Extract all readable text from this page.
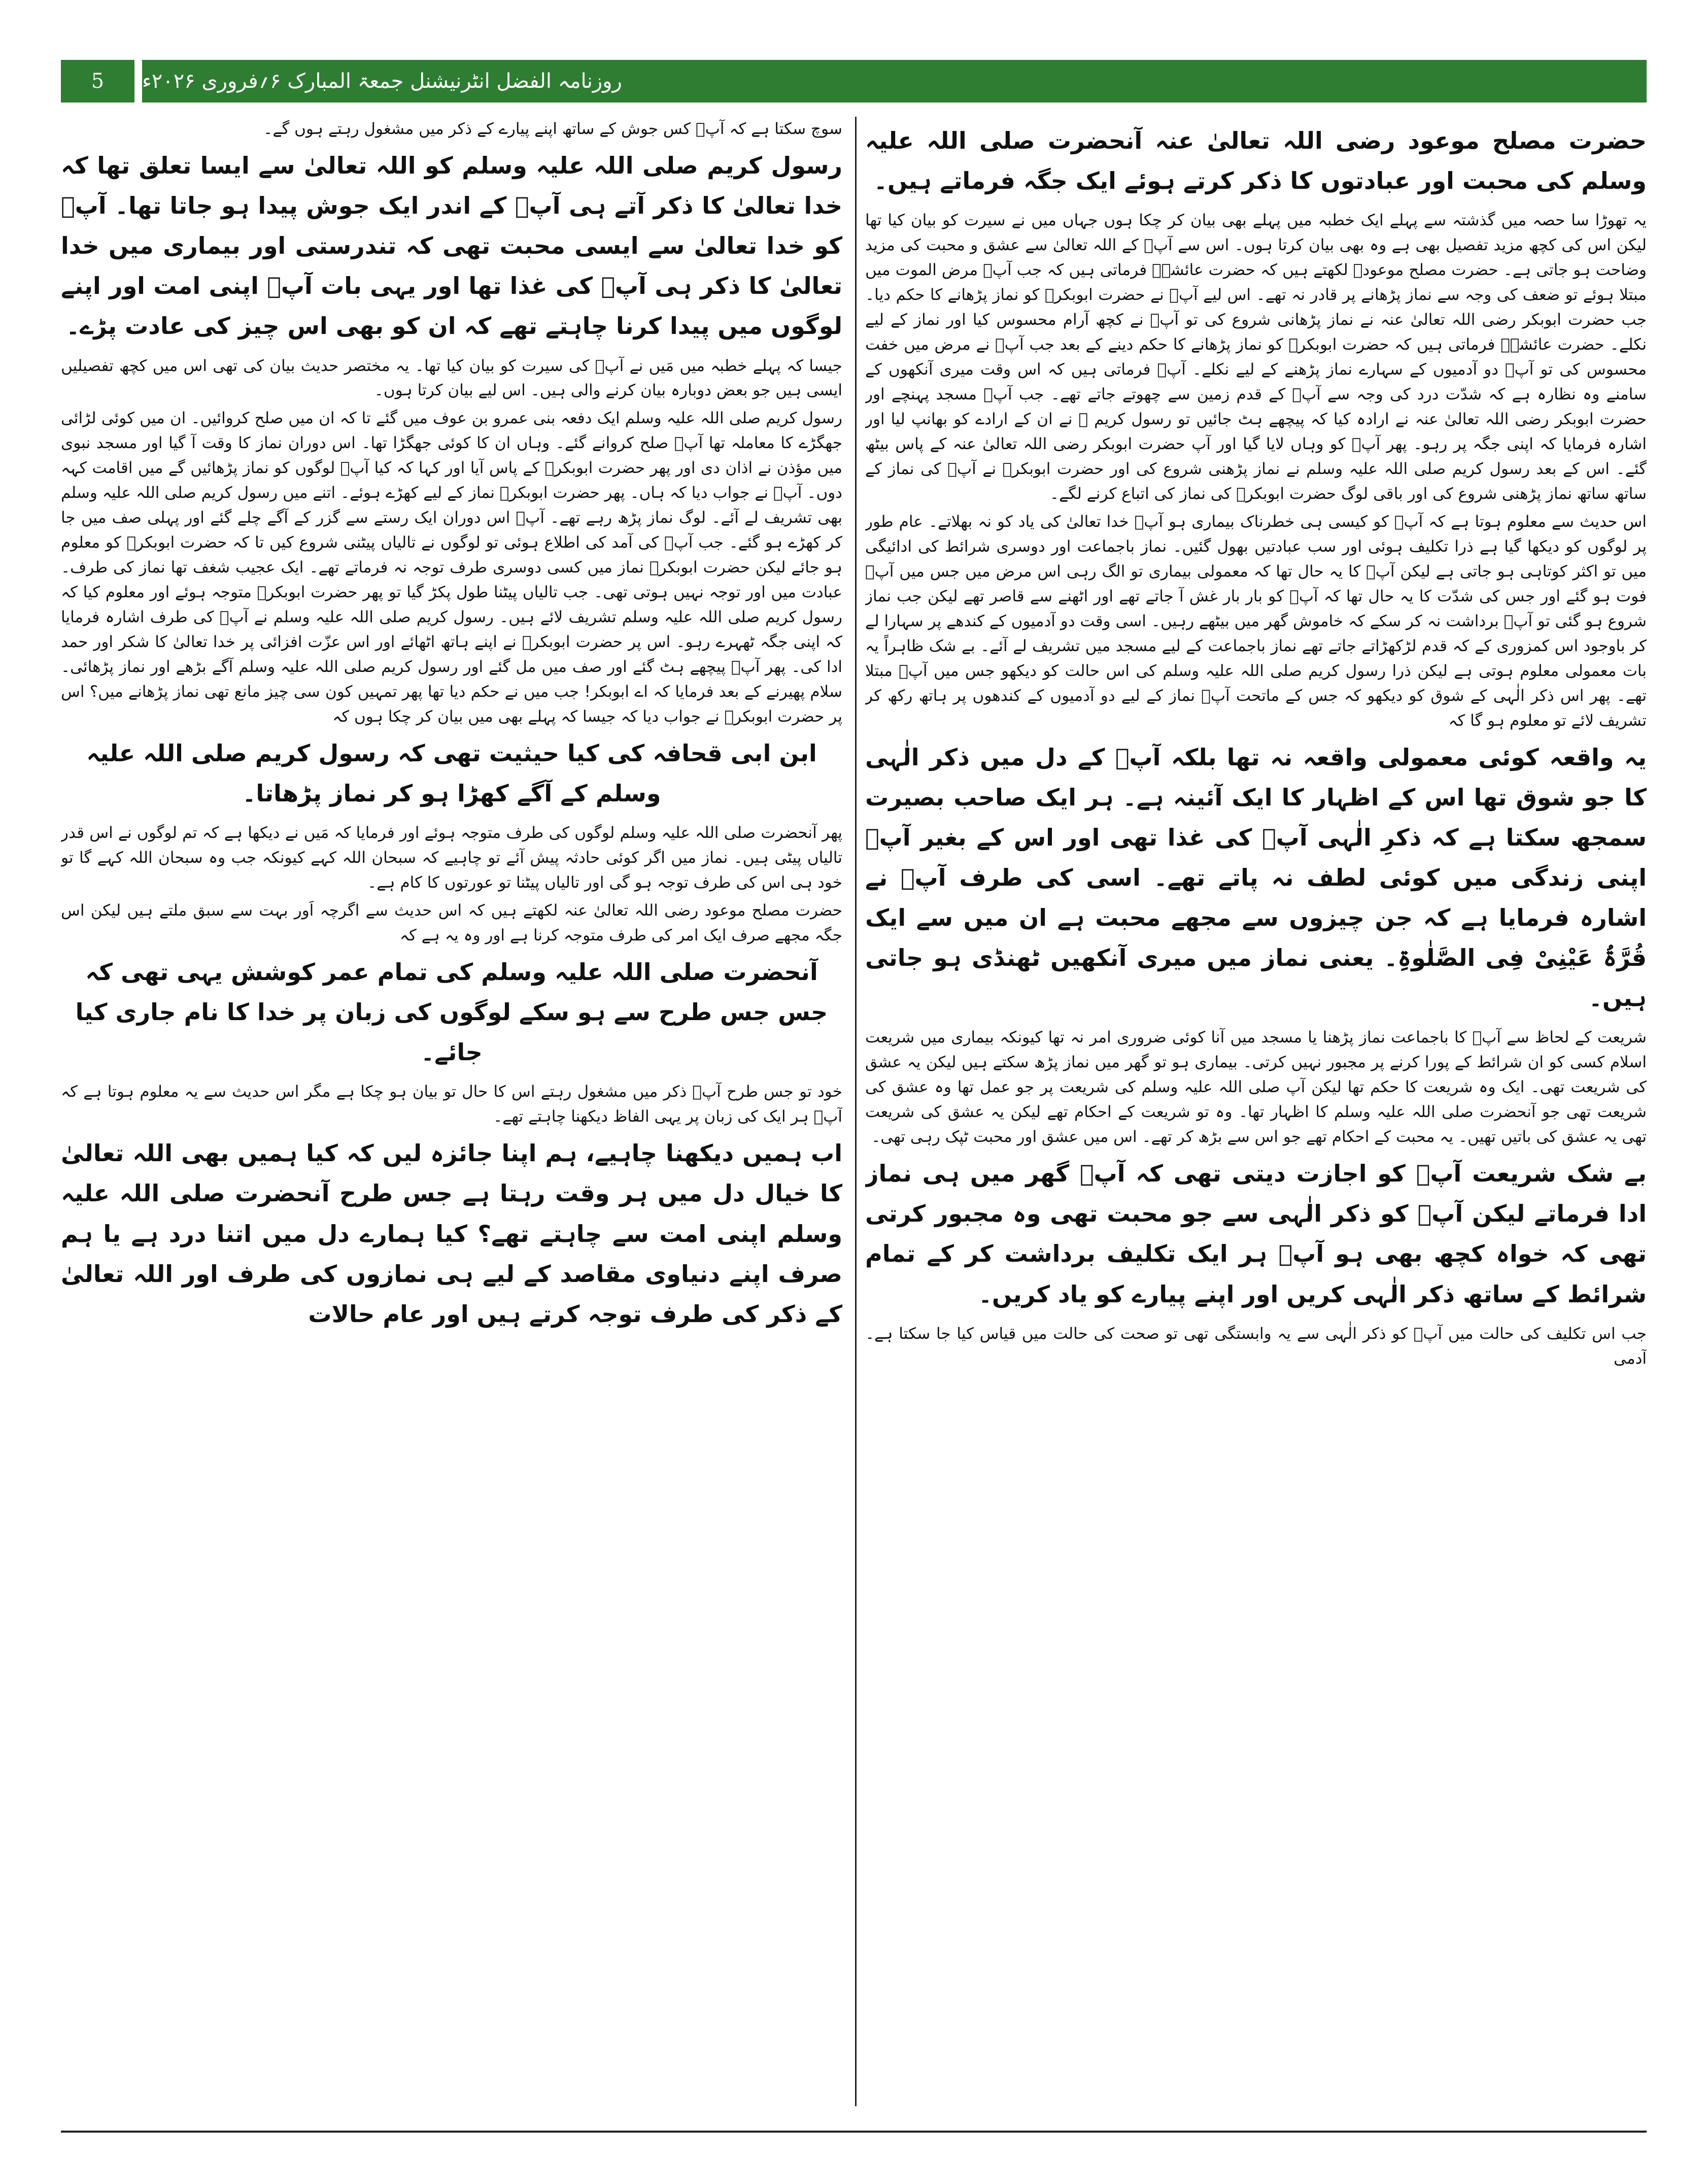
5	روزنامہ الفضل انٹرنیشنل جمعۃ المبارک ۶؍فروری ۲۰۲۶ء

حضرت مصلح موعود رضی اللہ تعالیٰ عنہ آنحضرت صلی اللہ علیہ وسلم کی محبت اور عبادتوں کا ذکر کرتے ہوئے ایک جگہ فرماتے ہیں۔

یہ تھوڑا سا حصہ میں گذشتہ سے پہلے ایک خطبہ میں پہلے بھی بیان کر چکا ہوں جہاں میں نے سیرت کو بیان کیا تھا لیکن اس کی کچھ مزید تفصیل بھی ہے وہ بھی بیان کرتا ہوں۔ اس سے آپؐ کے اللہ تعالیٰ سے عشق و محبت کی مزید وضاحت ہو جاتی ہے۔ حضرت مصلح موعودؓ لکھتے ہیں کہ حضرت عائشہؓ فرماتی ہیں کہ جب آپؐ مرض الموت میں مبتلا ہوئے تو ضعف کی وجہ سے نماز پڑھانے پر قادر نہ تھے۔ اس لیے آپؐ نے حضرت ابوبکرؓ کو نماز پڑھانے کا حکم دیا۔ جب حضرت ابوبکر رضی اللہ تعالیٰ عنہ نے نماز پڑھانی شروع کی تو آپؐ نے کچھ آرام محسوس کیا اور نماز کے لیے نکلے۔ حضرت عائشہؓ فرماتی ہیں کہ حضرت ابوبکرؓ کو نماز پڑھانے کا حکم دینے کے بعد جب آپؐ نے مرض میں خفت محسوس کی تو آپؐ دو آدمیوں کے سہارے نماز پڑھنے کے لیے نکلے۔ آپؓ فرماتی ہیں کہ اس وقت میری آنکھوں کے سامنے وہ نظارہ ہے کہ شدّت درد کی وجہ سے آپؐ کے قدم زمین سے چھوتے جاتے تھے۔ جب آپؐ مسجد پہنچے اور حضرت ابوبکر رضی اللہ تعالیٰ عنہ نے ارادہ کیا کہ پیچھے ہٹ جائیں تو رسول کریم ﷺ نے ان کے ارادے کو بھانپ لیا اور اشارہ فرمایا کہ اپنی جگہ پر رہو۔ پھر آپؐ کو وہاں لایا گیا اور آپ حضرت ابوبکر رضی اللہ تعالیٰ عنہ کے پاس بیٹھ گئے۔ اس کے بعد رسول کریم صلی اللہ علیہ وسلم نے نماز پڑھنی شروع کی اور حضرت ابوبکرؓ نے آپؐ کی نماز کے ساتھ ساتھ نماز پڑھنی شروع کی اور باقی لوگ حضرت ابوبکرؓ کی نماز کی اتباع کرنے لگے۔

اس حدیث سے معلوم ہوتا ہے کہ آپؐ کو کیسی ہی خطرناک بیماری ہو آپؐ خدا تعالیٰ کی یاد کو نہ بھلاتے۔ عام طور پر لوگوں کو دیکھا گیا ہے ذرا تکلیف ہوئی اور سب عبادتیں بھول گئیں۔ نماز باجماعت اور دوسری شرائط کی ادائیگی میں تو اکثر کوتاہی ہو جاتی ہے لیکن آپؐ کا یہ حال تھا کہ معمولی بیماری تو الگ رہی اس مرض میں جس میں آپؐ فوت ہو گئے اور جس کی شدّت کا یہ حال تھا کہ آپؐ کو بار بار غش آ جاتے تھے اور اٹھنے سے قاصر تھے لیکن جب نماز شروع ہو گئی تو آپؐ برداشت نہ کر سکے کہ خاموش گھر میں بیٹھے رہیں۔ اسی وقت دو آدمیوں کے کندھے پر سہارا لے کر باوجود اس کمزوری کے کہ قدم لڑکھڑاتے جاتے تھے نماز باجماعت کے لیے مسجد میں تشریف لے آئے۔ بے شک ظاہراً یہ بات معمولی معلوم ہوتی ہے لیکن ذرا رسول کریم صلی اللہ علیہ وسلم کی اس حالت کو دیکھو جس میں آپؐ مبتلا تھے۔ پھر اس ذکر الٰہی کے شوق کو دیکھو کہ جس کے ماتحت آپؐ نماز کے لیے دو آدمیوں کے کندھوں پر ہاتھ رکھ کر تشریف لائے تو معلوم ہو گا کہ

یہ واقعہ کوئی معمولی واقعہ نہ تھا بلکہ آپؐ کے دل میں ذکر الٰہی کا جو شوق تھا اس کے اظہار کا ایک آئینہ ہے۔ ہر ایک صاحب بصیرت سمجھ سکتا ہے کہ ذکرِ الٰہی آپؐ کی غذا تھی اور اس کے بغیر آپؐ اپنی زندگی میں کوئی لطف نہ پاتے تھے۔ اسی کی طرف آپؐ نے اشارہ فرمایا ہے کہ جن چیزوں سے مجھے محبت ہے ان میں سے ایک قُرَّۃُ عَیْنِیْ فِی الصَّلٰوۃِ۔ یعنی نماز میں میری آنکھیں ٹھنڈی ہو جاتی ہیں۔

شریعت کے لحاظ سے آپؐ کا باجماعت نماز پڑھنا یا مسجد میں آنا کوئی ضروری امر نہ تھا کیونکہ بیماری میں شریعت اسلام کسی کو ان شرائط کے پورا کرنے پر مجبور نہیں کرتی۔ بیماری ہو تو گھر میں نماز پڑھ سکتے ہیں لیکن یہ عشق کی شریعت تھی۔ ایک وہ شریعت کا حکم تھا لیکن آپ صلی اللہ علیہ وسلم کی شریعت پر جو عمل تھا وہ عشق کی شریعت تھی جو آنحضرت صلی اللہ علیہ وسلم کا اظہار تھا۔ وہ تو شریعت کے احکام تھے لیکن یہ عشق کی شریعت تھی یہ عشق کی باتیں تھیں۔ یہ محبت کے احکام تھے جو اس سے بڑھ کر تھے۔ اس میں عشق اور محبت ٹپک رہی تھی۔

بے شک شریعت آپؐ کو اجازت دیتی تھی کہ آپؐ گھر میں ہی نماز ادا فرماتے لیکن آپؐ کو ذکر الٰہی سے جو محبت تھی وہ مجبور کرتی تھی کہ خواہ کچھ بھی ہو آپؐ ہر ایک تکلیف برداشت کر کے تمام شرائط کے ساتھ ذکر الٰہی کریں اور اپنے پیارے کو یاد کریں۔

جب اس تکلیف کی حالت میں آپؐ کو ذکر الٰہی سے یہ وابستگی تھی تو صحت کی حالت میں قیاس کیا جا سکتا ہے۔ آدمی

سوچ سکتا ہے کہ آپؐ کس جوش کے ساتھ اپنے پیارے کے ذکر میں مشغول رہتے ہوں گے۔

رسول کریم صلی اللہ علیہ وسلم کو اللہ تعالیٰ سے ایسا تعلق تھا کہ خدا تعالیٰ کا ذکر آتے ہی آپؐ کے اندر ایک جوش پیدا ہو جاتا تھا۔ آپؐ کو خدا تعالیٰ سے ایسی محبت تھی کہ تندرستی اور بیماری میں خدا تعالیٰ کا ذکر ہی آپؐ کی غذا تھا اور یہی بات آپؐ اپنی امت اور اپنے لوگوں میں پیدا کرنا چاہتے تھے کہ ان کو بھی اس چیز کی عادت پڑے۔

جیسا کہ پہلے خطبہ میں مَیں نے آپؐ کی سیرت کو بیان کیا تھا۔ یہ مختصر حدیث بیان کی تھی اس میں کچھ تفصیلیں ایسی ہیں جو بعض دوبارہ بیان کرنے والی ہیں۔ اس لیے بیان کرتا ہوں۔

رسول کریم صلی اللہ علیہ وسلم ایک دفعہ بنی عمرو بن عوف میں گئے تا کہ ان میں صلح کروائیں۔ ان میں کوئی لڑائی جھگڑے کا معاملہ تھا آپؐ صلح کروانے گئے۔ وہاں ان کا کوئی جھگڑا تھا۔ اس دوران نماز کا وقت آ گیا اور مسجد نبوی میں مؤذن نے اذان دی اور پھر حضرت ابوبکرؓ کے پاس آیا اور کہا کہ کیا آپؐ لوگوں کو نماز پڑھائیں گے میں اقامت کہہ دوں۔ آپؓ نے جواب دیا کہ ہاں۔ پھر حضرت ابوبکرؓ نماز کے لیے کھڑے ہوئے۔ اتنے میں رسول کریم صلی اللہ علیہ وسلم بھی تشریف لے آئے۔ لوگ نماز پڑھ رہے تھے۔ آپؐ اس دوران ایک رستے سے گزر کے آگے چلے گئے اور پہلی صف میں جا کر کھڑے ہو گئے۔ جب آپؐ کی آمد کی اطلاع ہوئی تو لوگوں نے تالیاں پیٹنی شروع کیں تا کہ حضرت ابوبکرؓ کو معلوم ہو جائے لیکن حضرت ابوبکرؓ نماز میں کسی دوسری طرف توجہ نہ فرماتے تھے۔ ایک عجیب شغف تھا نماز کی طرف۔ عبادت میں اور توجہ نہیں ہوتی تھی۔ جب تالیاں پیٹنا طول پکڑ گیا تو پھر حضرت ابوبکرؓ متوجہ ہوئے اور معلوم کیا کہ رسول کریم صلی اللہ علیہ وسلم تشریف لائے ہیں۔ رسول کریم صلی اللہ علیہ وسلم نے آپؓ کی طرف اشارہ فرمایا کہ اپنی جگہ ٹھہرے رہو۔ اس پر حضرت ابوبکرؓ نے اپنے ہاتھ اٹھائے اور اس عزّت افزائی پر خدا تعالیٰ کا شکر اور حمد ادا کی۔ پھر آپؓ پیچھے ہٹ گئے اور صف میں مل گئے اور رسول کریم صلی اللہ علیہ وسلم آگے بڑھے اور نماز پڑھائی۔ سلام پھیرنے کے بعد فرمایا کہ اے ابوبکر! جب میں نے حکم دیا تھا پھر تمہیں کون سی چیز مانع تھی نماز پڑھانے میں؟ اس پر حضرت ابوبکرؓ نے جواب دیا کہ جیسا کہ پہلے بھی میں بیان کر چکا ہوں کہ

ابن ابی قحافہ کی کیا حیثیت تھی کہ رسول کریم صلی اللہ علیہ وسلم کے آگے کھڑا ہو کر نماز پڑھاتا۔

پھر آنحضرت صلی اللہ علیہ وسلم لوگوں کی طرف متوجہ ہوئے اور فرمایا کہ مَیں نے دیکھا ہے کہ تم لوگوں نے اس قدر تالیاں پیٹی ہیں۔ نماز میں اگر کوئی حادثہ پیش آئے تو چاہیے کہ سبحان اللہ کہے کیونکہ جب وہ سبحان اللہ کہے گا تو خود ہی اس کی طرف توجہ ہو گی اور تالیاں پیٹنا تو عورتوں کا کام ہے۔

حضرت مصلح موعود رضی اللہ تعالیٰ عنہ لکھتے ہیں کہ اس حدیث سے اگرچہ اَور بہت سے سبق ملتے ہیں لیکن اس جگہ مجھے صرف ایک امر کی طرف متوجہ کرنا ہے اور وہ یہ ہے کہ

آنحضرت صلی اللہ علیہ وسلم کی تمام عمر کوشش یہی تھی کہ جس جس طرح سے ہو سکے لوگوں کی زبان پر خدا کا نام جاری کیا جائے۔

خود تو جس طرح آپؐ ذکر میں مشغول رہتے اس کا حال تو بیان ہو چکا ہے مگر اس حدیث سے یہ معلوم ہوتا ہے کہ آپؐ ہر ایک کی زبان پر یہی الفاظ دیکھنا چاہتے تھے۔

اب ہمیں دیکھنا چاہیے، ہم اپنا جائزہ لیں کہ کیا ہمیں بھی اللہ تعالیٰ کا خیال دل میں ہر وقت رہتا ہے جس طرح آنحضرت صلی اللہ علیہ وسلم اپنی امت سے چاہتے تھے؟ کیا ہمارے دل میں اتنا درد ہے یا ہم صرف اپنے دنیاوی مقاصد کے لیے ہی نمازوں کی طرف اور اللہ تعالیٰ کے ذکر کی طرف توجہ کرتے ہیں اور عام حالات
